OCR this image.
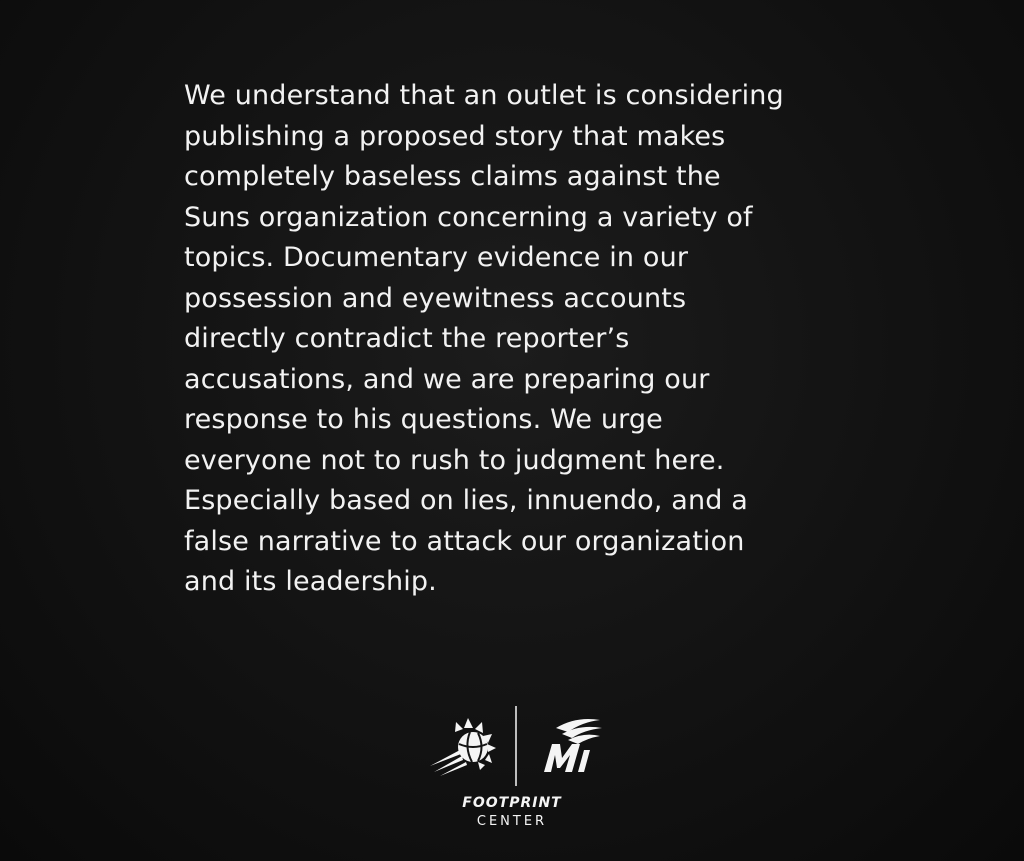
We understand that an outlet is considering
publishing a proposed story that makes
completely baseless claims against the
Suns organization concerning a variety of
topics. Documentary evidence in our
possession and eyewitness accounts
directly contradict the reporter’s
accusations, and we are preparing our
response to his questions. We urge
everyone not to rush to judgment here.
Especially based on lies, innuendo, and a
false narrative to attack our organization
and its leadership.

FOOTPRINT
CENTER
